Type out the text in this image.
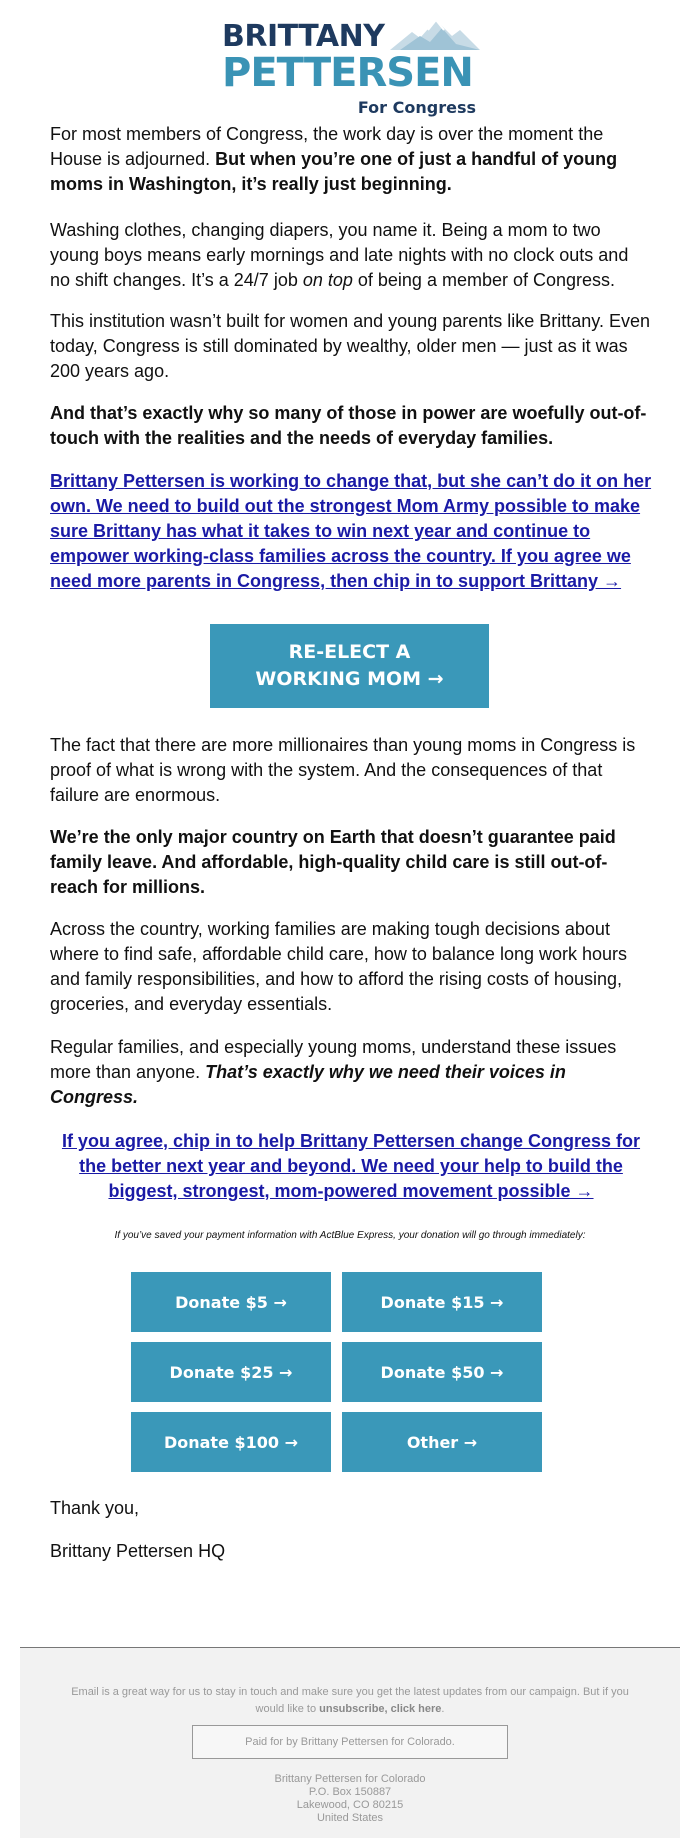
BRITTANY
PETTERSEN
For Congress

For most members of Congress, the work day is over the moment the House is adjourned. But when you’re one of just a handful of young moms in Washington, it’s really just beginning.

Washing clothes, changing diapers, you name it. Being a mom to two young boys means early mornings and late nights with no clock outs and no shift changes. It’s a 24/7 job on top of being a member of Congress.

This institution wasn’t built for women and young parents like Brittany. Even today, Congress is still dominated by wealthy, older men — just as it was 200 years ago.

And that’s exactly why so many of those in power are woefully out-of-touch with the realities and the needs of everyday families.

Brittany Pettersen is working to change that, but she can’t do it on her own. We need to build out the strongest Mom Army possible to make sure Brittany has what it takes to win next year and continue to empower working-class families across the country. If you agree we need more parents in Congress, then chip in to support Brittany →
RE-ELECT A
WORKING MOM →

The fact that there are more millionaires than young moms in Congress is proof of what is wrong with the system. And the consequences of that failure are enormous.

We’re the only major country on Earth that doesn’t guarantee paid family leave. And affordable, high-quality child care is still out-of-reach for millions.

Across the country, working families are making tough decisions about where to find safe, affordable child care, how to balance long work hours and family responsibilities, and how to afford the rising costs of housing, groceries, and everyday essentials.

Regular families, and especially young moms, understand these issues more than anyone. That’s exactly why we need their voices in Congress.

If you agree, chip in to help Brittany Pettersen change Congress for the better next year and beyond. We need your help to build the biggest, strongest, mom-powered movement possible →
If you’ve saved your payment information with ActBlue Express, your donation will go through immediately:
Donate $5 →	Donate $15 →
Donate $25 →	Donate $50 →
Donate $100 →	Other →

Thank you,

Brittany Pettersen HQ

Email is a great way for us to stay in touch and make sure you get the latest updates from our campaign. But if you would like to unsubscribe, click here.
Paid for by Brittany Pettersen for Colorado.
Brittany Pettersen for Colorado
P.O. Box 150887
Lakewood, CO 80215
United States
